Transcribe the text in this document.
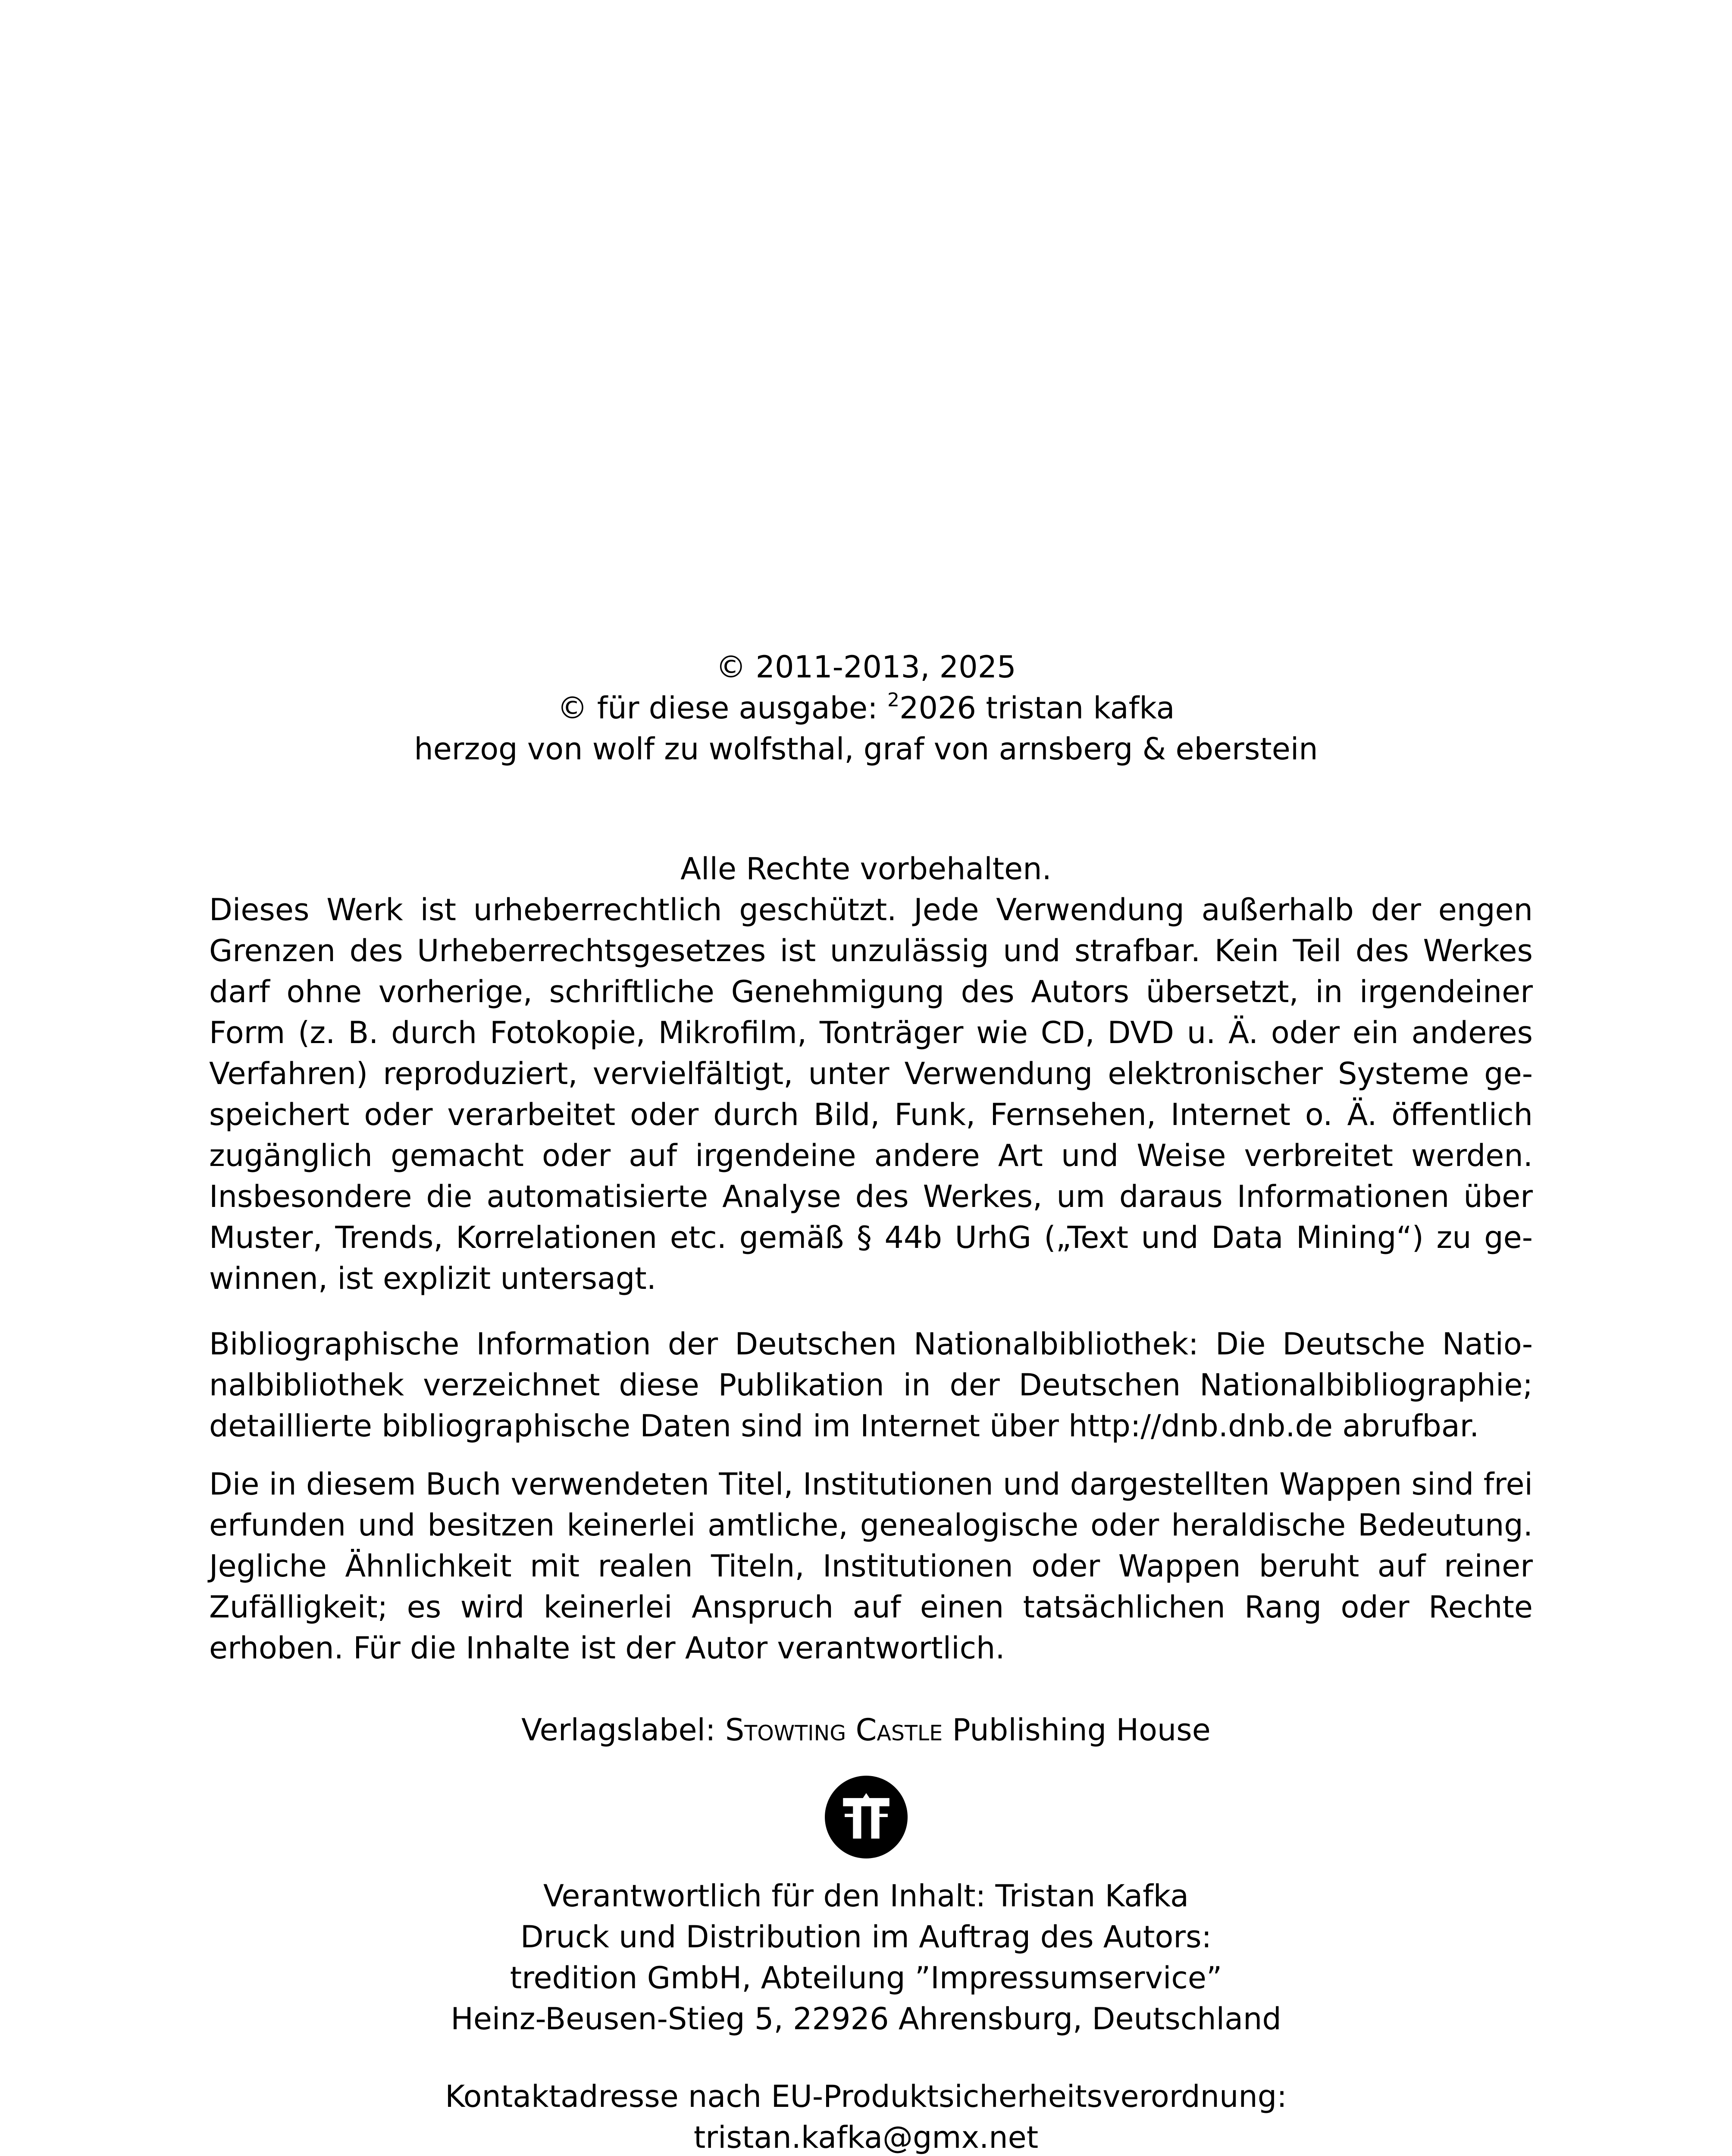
© 2011-2013, 2025
© für diese ausgabe: $^2$2026 tristan kafka
herzog von wolf zu wolfsthal, graf von arnsberg & eberstein
Alle Rechte vorbehalten.

Dieses Werk ist urheberrechtlich geschützt. Jede Verwendung außerhalb der engen Grenzen des Urheberrechtsgesetzes ist unzulässig und strafbar. Kein Teil des Werkes darf ohne vorherige, schriftliche Genehmigung des Autors übersetzt, in irgendeiner Form (z. B. durch Fotokopie, Mikrofilm, Tonträger wie CD, DVD u. Ä. oder ein anderes Verfahren) reproduziert, vervielfältigt, unter Verwendung elektronischer Systeme gespeichert oder verarbeitet oder durch Bild, Funk, Fernsehen, Internet o. Ä. öffentlich zugänglich gemacht oder auf irgendeine andere Art und Weise verbreitet werden. Insbesondere die automatisierte Analyse des Werkes, um daraus Informationen über Muster, Trends, Korrelationen etc. gemäß § 44b UrhG („Text und Data Mining“) zu gewinnen, ist explizit untersagt.

Bibliographische Information der Deutschen Nationalbibliothek: Die Deutsche Nationalbibliothek verzeichnet diese Publikation in der Deutschen Nationalbibliographie; detaillierte bibliographische Daten sind im Internet über http://dnb.dnb.de abrufbar.

Die in diesem Buch verwendeten Titel, Institutionen und dargestellten Wappen sind frei erfunden und besitzen keinerlei amtliche, genealogische oder heraldische Bedeutung. Jegliche Ähnlichkeit mit realen Titeln, Institutionen oder Wappen beruht auf reiner Zufälligkeit; es wird keinerlei Anspruch auf einen tatsächlichen Rang oder Rechte erhoben. Für die Inhalte ist der Autor verantwortlich.

Verlagslabel: Stowting Castle Publishing House
Verantwortlich für den Inhalt: Tristan Kafka
Druck und Distribution im Auftrag des Autors:
tredition GmbH, Abteilung ”Impressumservice”
Heinz-Beusen-Stieg 5, 22926 Ahrensburg, Deutschland
Kontaktadresse nach EU-Produktsicherheitsverordnung:
tristan.kafka@gmx.net
